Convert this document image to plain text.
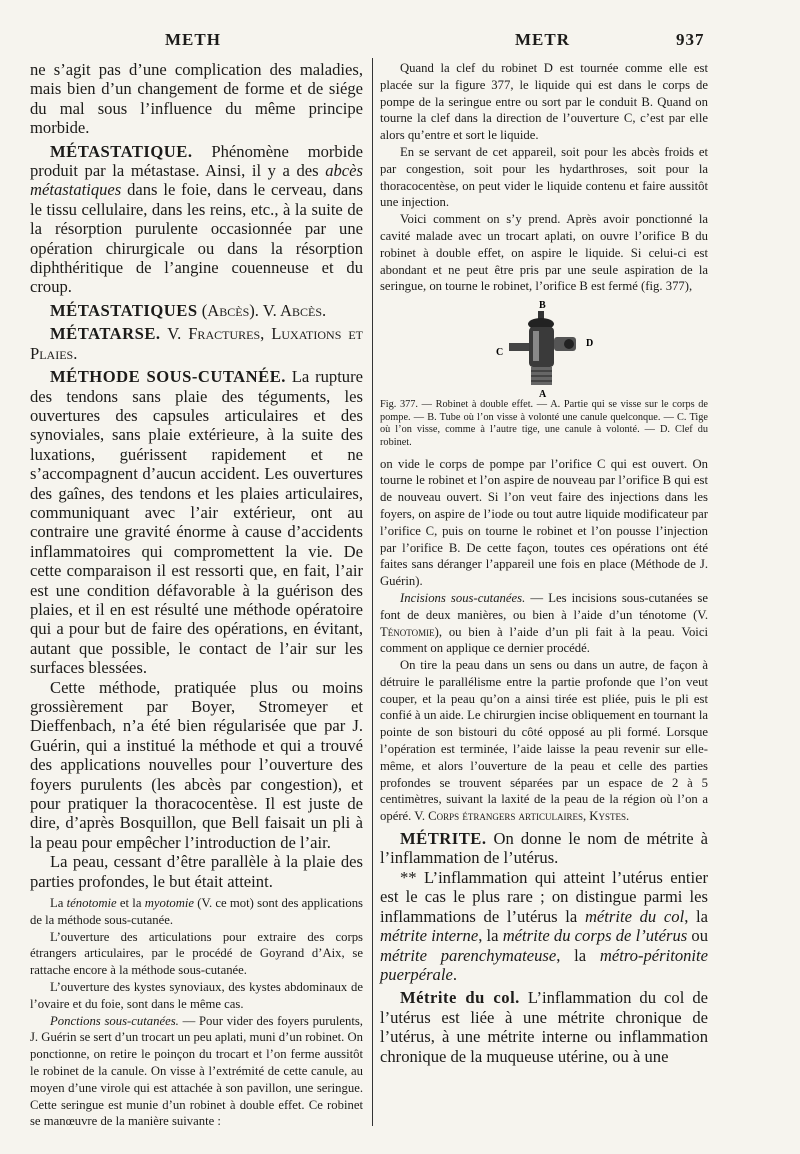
METH	METR	937

ne s’agit pas d’une complication des maladies, mais bien d’un changement de forme et de siége du mal sous l’influence du même principe morbide.

MÉTASTATIQUE. Phénomène morbide produit par la métastase. Ainsi, il y a des abcès métastatiques dans le foie, dans le cerveau, dans le tissu cellulaire, dans les reins, etc., à la suite de la résorption purulente occasionnée par une opération chirurgicale ou dans la résorption diphthéritique de l’angine couenneuse et du croup.

MÉTASTATIQUES (Abcès). V. Abcès.

MÉTATARSE. V. Fractures, Luxations et Plaies.

MÉTHODE SOUS-CUTANÉE. La rupture des tendons sans plaie des téguments, les ouvertures des capsules articulaires et des synoviales, sans plaie extérieure, à la suite des luxations, guérissent rapidement et ne s’accompagnent d’aucun accident. Les ouvertures des gaînes, des tendons et les plaies articulaires, communiquant avec l’air extérieur, ont au contraire une gravité énorme à cause d’accidents inflammatoires qui compromettent la vie. De cette comparaison il est ressorti que, en fait, l’air est une condition défavorable à la guérison des plaies, et il en est résulté une méthode opératoire qui a pour but de faire des opérations, en évitant, autant que possible, le contact de l’air sur les surfaces blessées.

Cette méthode, pratiquée plus ou moins grossièrement par Boyer, Stromeyer et Dieffenbach, n’a été bien régularisée que par J. Guérin, qui a institué la méthode et qui a trouvé des applications nouvelles pour l’ouverture des foyers purulents (les abcès par congestion), et pour pratiquer la thoracocentèse. Il est juste de dire, d’après Bosquillon, que Bell faisait un pli à la peau pour empêcher l’introduction de l’air.

La peau, cessant d’être parallèle à la plaie des parties profondes, le but était atteint.

La ténotomie et la myotomie (V. ce mot) sont des applications de la méthode sous-cutanée.

L’ouverture des articulations pour extraire des corps étrangers articulaires, par le procédé de Goyrand d’Aix, se rattache encore à la méthode sous-cutanée.

L’ouverture des kystes synoviaux, des kystes abdominaux de l’ovaire et du foie, sont dans le même cas.

Ponctions sous-cutanées. — Pour vider des foyers purulents, J. Guérin se sert d’un trocart un peu aplati, muni d’un robinet. On ponctionne, on retire le poinçon du trocart et l’on ferme aussitôt le robinet de la canule. On visse à l’extrémité de cette canule, au moyen d’une virole qui est attachée à son pavillon, une seringue. Cette seringue est munie d’un robinet à double effet. Ce robinet se manœuvre de la manière suivante :

Quand la clef du robinet D est tournée comme elle est placée sur la figure 377, le liquide qui est dans le corps de pompe de la seringue entre ou sort par le conduit B. Quand on tourne la clef dans la direction de l’ouverture C, c’est par elle alors qu’entre et sort le liquide.

En se servant de cet appareil, soit pour les abcès froids et par congestion, soit pour les hydarthroses, soit pour la thoracocentèse, on peut vider le liquide contenu et faire aussitôt une injection.

Voici comment on s’y prend. Après avoir ponctionné la cavité malade avec un trocart aplati, on ouvre l’orifice B du robinet à double effet, on aspire le liquide. Si celui-ci est abondant et ne peut être pris par une seule aspiration de la seringue, on tourne le robinet, l’orifice B est fermé (fig. 377),

B
C
D
A

Fig. 377. — Robinet à double effet. — A. Partie qui se visse sur le corps de pompe. — B. Tube où l’on visse à volonté une canule quelconque. — C. Tige où l’on visse, comme à l’autre tige, une canule à volonté. — D. Clef du robinet.

on vide le corps de pompe par l’orifice C qui est ouvert. On tourne le robinet et l’on aspire de nouveau par l’orifice B qui est de nouveau ouvert. Si l’on veut faire des injections dans les foyers, on aspire de l’iode ou tout autre liquide modificateur par l’orifice C, puis on tourne le robinet et l’on pousse l’injection par l’orifice B. De cette façon, toutes ces opérations ont été faites sans déranger l’appareil une fois en place (Méthode de J. Guérin).

Incisions sous-cutanées. — Les incisions sous-cutanées se font de deux manières, ou bien à l’aide d’un ténotome (V. Ténotomie), ou bien à l’aide d’un pli fait à la peau. Voici comment on applique ce dernier procédé.

On tire la peau dans un sens ou dans un autre, de façon à détruire le parallélisme entre la partie profonde que l’on veut couper, et la peau qu’on a ainsi tirée est pliée, puis le pli est confié à un aide. Le chirurgien incise obliquement en tournant la pointe de son bistouri du côté opposé au pli formé. Lorsque l’opération est terminée, l’aide laisse la peau revenir sur elle-même, et alors l’ouverture de la peau et celle des parties profondes se trouvent séparées par un espace de 2 à 5 centimètres, suivant la laxité de la peau de la région où l’on a opéré. V. Corps étrangers articulaires, Kystes.

MÉTRITE. On donne le nom de métrite à l’inflammation de l’utérus.

** L’inflammation qui atteint l’utérus entier est le cas le plus rare ; on distingue parmi les inflammations de l’utérus la métrite du col, la métrite interne, la métrite du corps de l’utérus ou métrite parenchymateuse, la métro-péritonite puerpérale.

Métrite du col. L’inflammation du col de l’utérus est liée à une métrite chronique de l’utérus, à une métrite interne ou inflammation chronique de la muqueuse utérine, ou à une
